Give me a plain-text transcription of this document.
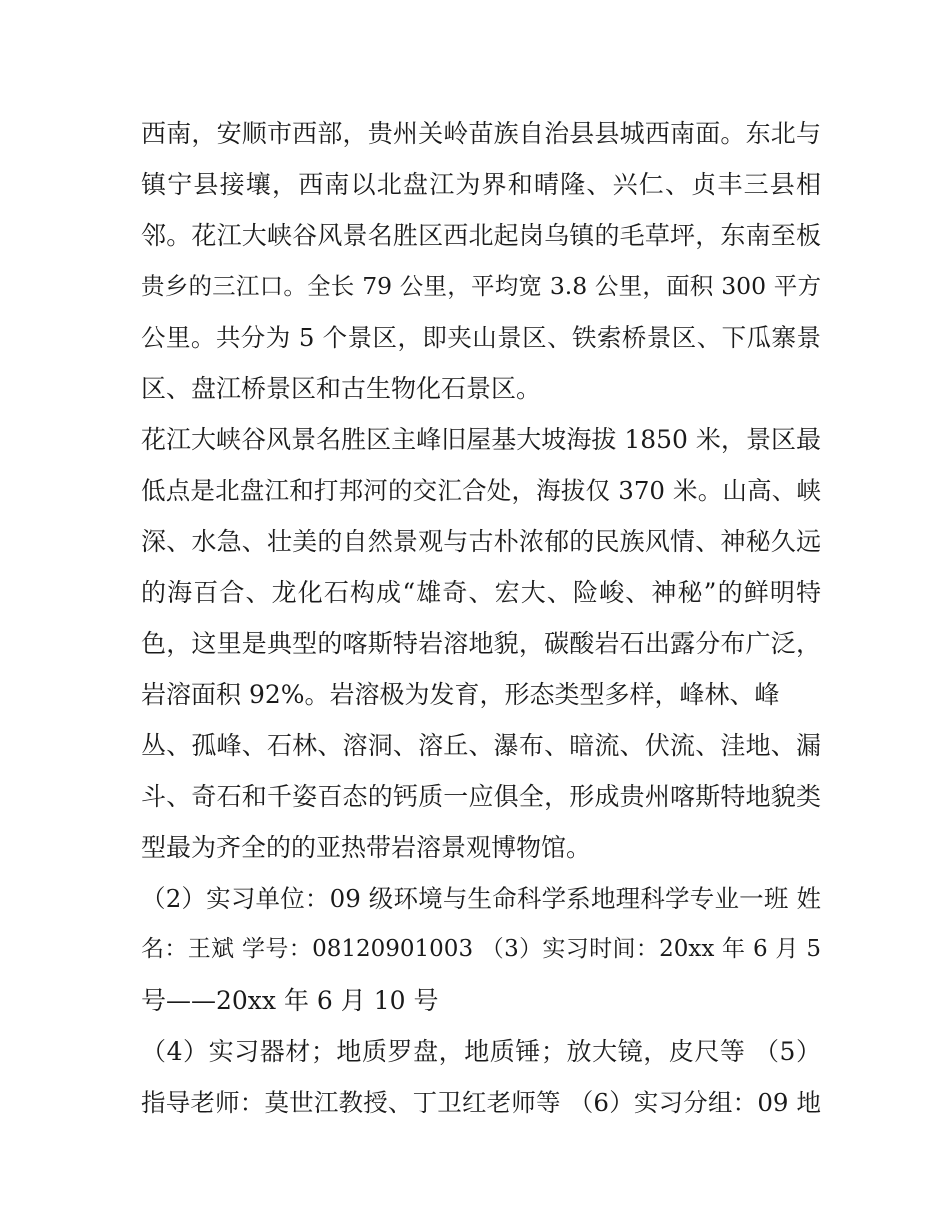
西南，安顺市西部，贵州关岭苗族自治县县城西南面。东北与
镇宁县接壤，西南以北盘江为界和晴隆、兴仁、贞丰三县相
邻。花江大峡谷风景名胜区西北起岗乌镇的毛草坪，东南至板
贵乡的三江口。全长 79 公里，平均宽 3.8 公里，面积 300 平方
公里。共分为 5 个景区，即夹山景区、铁索桥景区、下瓜寨景
区、盘江桥景区和古生物化石景区。
花江大峡谷风景名胜区主峰旧屋基大坡海拔 1850 米，景区最
低点是北盘江和打邦河的交汇合处，海拔仅 370 米。山高、峡
深、水急、壮美的自然景观与古朴浓郁的民族风情、神秘久远
的海百合、龙化石构成“雄奇、宏大、险峻、神秘”的鲜明特
色，这里是典型的喀斯特岩溶地貌，碳酸岩石出露分布广泛，
岩溶面积 92%。岩溶极为发育，形态类型多样，峰林、峰
丛、孤峰、石林、溶洞、溶丘、瀑布、暗流、伏流、洼地、漏
斗、奇石和千姿百态的钙质一应俱全，形成贵州喀斯特地貌类
型最为齐全的的亚热带岩溶景观博物馆。
（2）实习单位：09 级环境与生命科学系地理科学专业一班 姓
名：王斌 学号：08120901003 （3）实习时间：20xx 年 6 月 5
号——20xx 年 6 月 10 号
（4）实习器材；地质罗盘，地质锤；放大镜，皮尺等 （5）
指导老师：莫世江教授、丁卫红老师等 （6）实习分组：09 地
